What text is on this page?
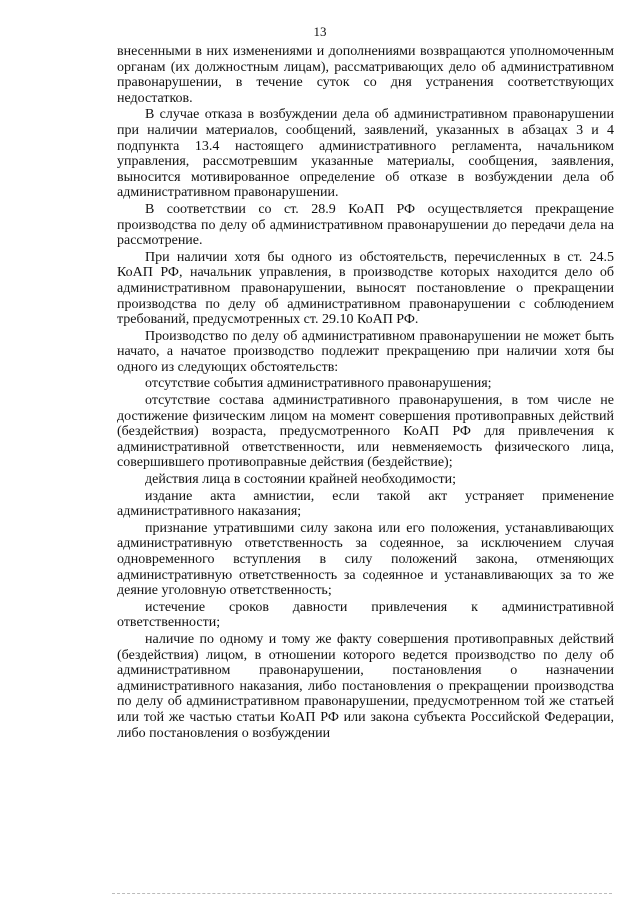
13

внесенными в них изменениями и дополнениями возвращаются уполномоченным органам (их должностным лицам), рассматривающих дело об административном правонарушении, в течение суток со дня устранения соответствующих недостатков.

В случае отказа в возбуждении дела об административном правонарушении при наличии материалов, сообщений, заявлений, указанных в абзацах 3 и 4 подпункта 13.4 настоящего административного регламента, начальником управления, рассмотревшим указанные материалы, сообщения, заявления, выносится мотивированное определение об отказе в возбуждении дела об административном правонарушении.

В соответствии со ст. 28.9 КоАП РФ осуществляется прекращение производства по делу об административном правонарушении до передачи дела на рассмотрение.

При наличии хотя бы одного из обстоятельств, перечисленных в ст. 24.5 КоАП РФ, начальник управления, в производстве которых находится дело об административном правонарушении, выносят постановление о прекращении производства по делу об административном правонарушении с соблюдением требований, предусмотренных ст. 29.10 КоАП РФ.

Производство по делу об административном правонарушении не может быть начато, а начатое производство подлежит прекращению при наличии хотя бы одного из следующих обстоятельств:

отсутствие события административного правонарушения;

отсутствие состава административного правонарушения, в том числе не достижение физическим лицом на момент совершения противоправных действий (бездействия) возраста, предусмотренного КоАП РФ для привлечения к административной ответственности, или невменяемость физического лица, совершившего противоправные действия (бездействие);

действия лица в состоянии крайней необходимости;

издание акта амнистии, если такой акт устраняет применение административного наказания;

признание утратившими силу закона или его положения, устанавливающих административную ответственность за содеянное, за исключением случая одновременного вступления в силу положений закона, отменяющих административную ответственность за содеянное и устанавливающих за то же деяние уголовную ответственность;

истечение сроков давности привлечения к административной ответственности;

наличие по одному и тому же факту совершения противоправных действий (бездействия) лицом, в отношении которого ведется производство по делу об административном правонарушении, постановления о назначении административного наказания, либо постановления о прекращении производства по делу об административном правонарушении, предусмотренном той же статьей или той же частью статьи КоАП РФ или закона субъекта Российской Федерации, либо постановления о возбуждении
